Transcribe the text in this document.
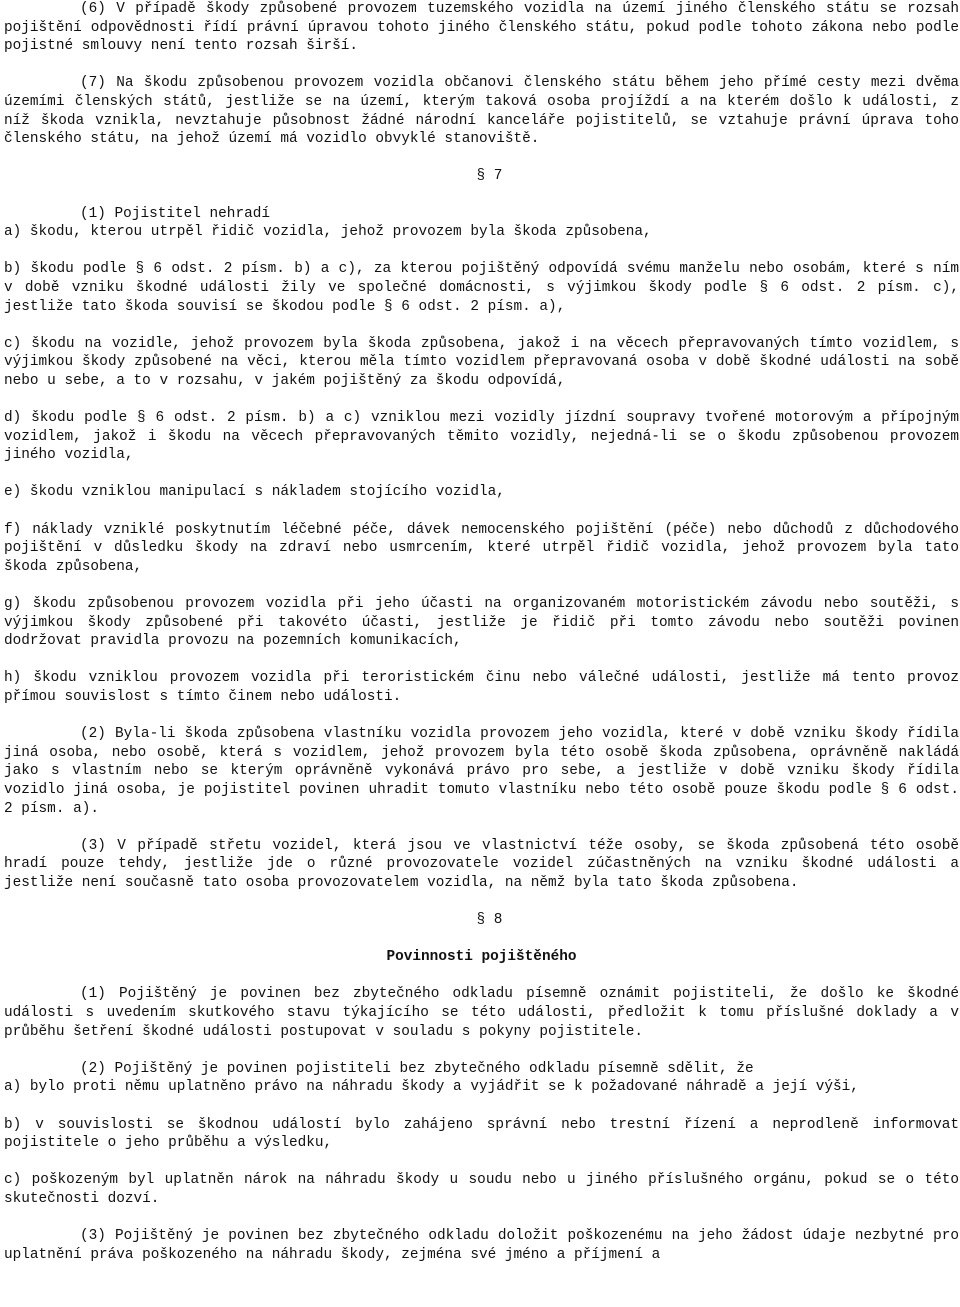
(6) V případě škody způsobené provozem tuzemského vozidla na území jiného členského státu se rozsah pojištění odpovědnosti řídí právní úpravou tohoto jiného členského státu, pokud podle tohoto zákona nebo podle pojistné smlouvy není tento rozsah širší.

(7) Na škodu způsobenou provozem vozidla občanovi členského státu během jeho přímé cesty mezi dvěma územími členských států, jestliže se na území, kterým taková osoba projíždí a na kterém došlo k události, z níž škoda vznikla, nevztahuje působnost žádné národní kanceláře pojistitelů, se vztahuje právní úprava toho členského státu, na jehož území má vozidlo obvyklé stanoviště.

§ 7

(1) Pojistitel nehradí

a) škodu, kterou utrpěl řidič vozidla, jehož provozem byla škoda způsobena,

b) škodu podle § 6 odst. 2 písm. b) a c), za kterou pojištěný odpovídá svému manželu nebo osobám, které s ním v době vzniku škodné události žily ve společné domácnosti, s výjimkou škody podle § 6 odst. 2 písm. c), jestliže tato škoda souvisí se škodou podle § 6 odst. 2 písm. a),

c) škodu na vozidle, jehož provozem byla škoda způsobena, jakož i na věcech přepravovaných tímto vozidlem, s výjimkou škody způsobené na věci, kterou měla tímto vozidlem přepravovaná osoba v době škodné události na sobě nebo u sebe, a to v rozsahu, v jakém pojištěný za škodu odpovídá,

d) škodu podle § 6 odst. 2 písm. b) a c) vzniklou mezi vozidly jízdní soupravy tvořené motorovým a přípojným vozidlem, jakož i škodu na věcech přepravovaných těmito vozidly, nejedná-li se o škodu způsobenou provozem jiného vozidla,

e) škodu vzniklou manipulací s nákladem stojícího vozidla,

f) náklady vzniklé poskytnutím léčebné péče, dávek nemocenského pojištění (péče) nebo důchodů z důchodového pojištění v důsledku škody na zdraví nebo usmrcením, které utrpěl řidič vozidla, jehož provozem byla tato škoda způsobena,

g) škodu způsobenou provozem vozidla při jeho účasti na organizovaném motoristickém závodu nebo soutěži, s výjimkou škody způsobené při takovéto účasti, jestliže je řidič při tomto závodu nebo soutěži povinen dodržovat pravidla provozu na pozemních komunikacích,

h) škodu vzniklou provozem vozidla při teroristickém činu nebo válečné události, jestliže má tento provoz přímou souvislost s tímto činem nebo události.

(2) Byla-li škoda způsobena vlastníku vozidla provozem jeho vozidla, které v době vzniku škody řídila jiná osoba, nebo osobě, která s vozidlem, jehož provozem byla této osobě škoda způsobena, oprávněně nakládá jako s vlastním nebo se kterým oprávněně vykonává právo pro sebe, a jestliže v době vzniku škody řídila vozidlo jiná osoba, je pojistitel povinen uhradit tomuto vlastníku nebo této osobě pouze škodu podle § 6 odst. 2 písm. a).

(3) V případě střetu vozidel, která jsou ve vlastnictví téže osoby, se škoda způsobená této osobě hradí pouze tehdy, jestliže jde o různé provozovatele vozidel zúčastněných na vzniku škodné události a jestliže není současně tato osoba provozovatelem vozidla, na němž byla tato škoda způsobena.

§ 8

Povinnosti pojištěného

(1) Pojištěný je povinen bez zbytečného odkladu písemně oznámit pojistiteli, že došlo ke škodné události s uvedením skutkového stavu týkajícího se této události, předložit k tomu příslušné doklady a v průběhu šetření škodné události postupovat v souladu s pokyny pojistitele.

(2) Pojištěný je povinen pojistiteli bez zbytečného odkladu písemně sdělit, že

a) bylo proti němu uplatněno právo na náhradu škody a vyjádřit se k požadované náhradě a její výši,

b) v souvislosti se škodnou událostí bylo zahájeno správní nebo trestní řízení a neprodleně informovat pojistitele o jeho průběhu a výsledku,

c) poškozeným byl uplatněn nárok na náhradu škody u soudu nebo u jiného příslušného orgánu, pokud se o této skutečnosti dozví.

(3) Pojištěný je povinen bez zbytečného odkladu doložit poškozenému na jeho žádost údaje nezbytné pro uplatnění práva poškozeného na náhradu škody, zejména své jméno a příjmení a
